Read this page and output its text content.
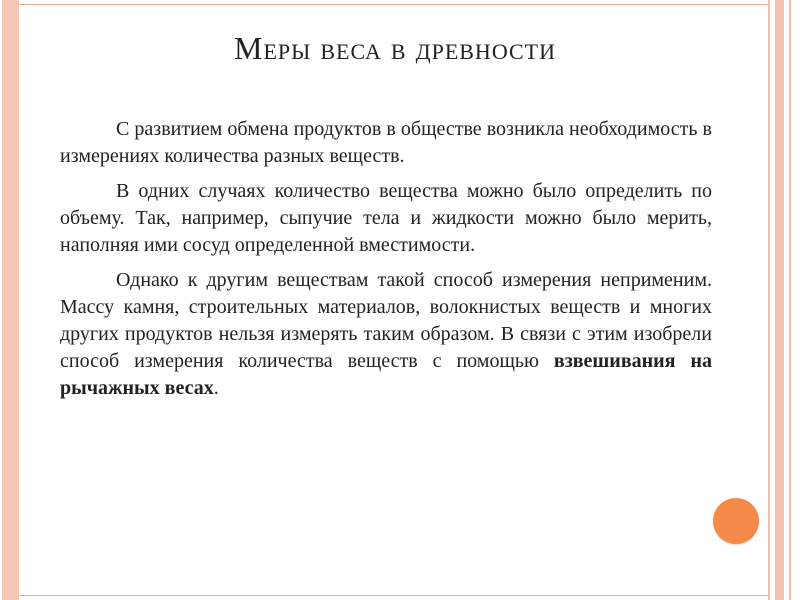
Меры веса в древности

С развитием обмена продуктов в обществе возникла необходимость в измерениях количества разных веществ.

В одних случаях количество вещества можно было определить по объему. Так, например, сыпучие тела и жидкости можно было мерить, наполняя ими сосуд определенной вместимости.

Однако к другим веществам такой способ измерения неприменим. Массу камня, строительных материалов, волокнистых веществ и многих других продуктов нельзя измерять таким образом. В связи с этим изобрели способ измерения количества веществ с помощью взвешивания на рычажных весах.
